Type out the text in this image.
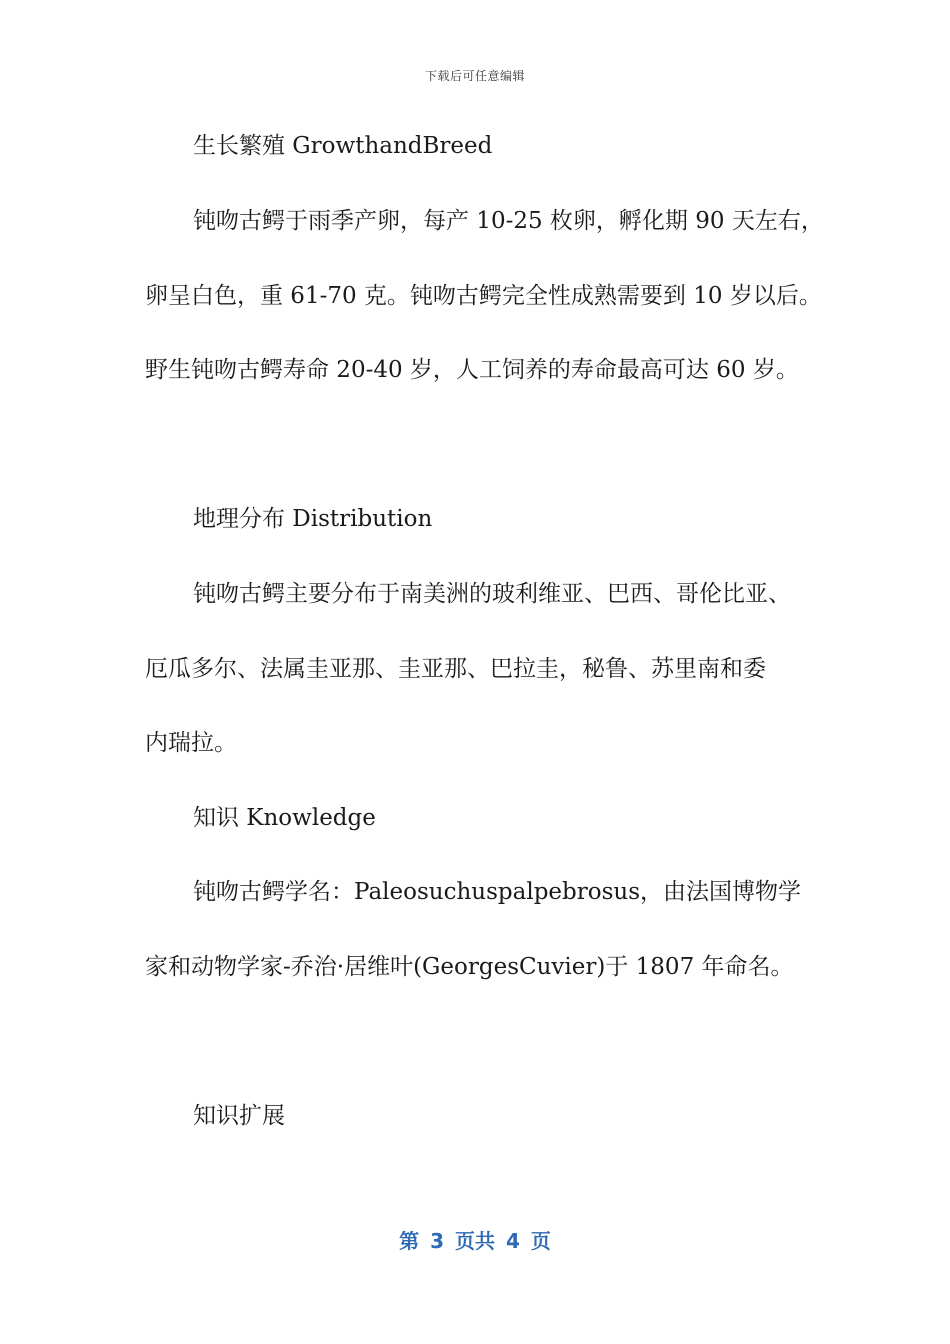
下载后可任意编辑
生长繁殖 GrowthandBreed
钝吻古鳄于雨季产卵，每产 10-25 枚卵，孵化期 90 天左右，
卵呈白色，重 61-70 克。钝吻古鳄完全性成熟需要到 10 岁以后。
野生钝吻古鳄寿命 20-40 岁，人工饲养的寿命最高可达 60 岁。
地理分布 Distribution
钝吻古鳄主要分布于南美洲的玻利维亚、巴西、哥伦比亚、
厄瓜多尔、法属圭亚那、圭亚那、巴拉圭，秘鲁、苏里南和委
内瑞拉。
知识 Knowledge
钝吻古鳄学名：Paleosuchuspalpebrosus，由法国博物学
家和动物学家-乔治·居维叶(GeorgesCuvier)于 1807 年命名。
知识扩展
第 3 页共 4 页
